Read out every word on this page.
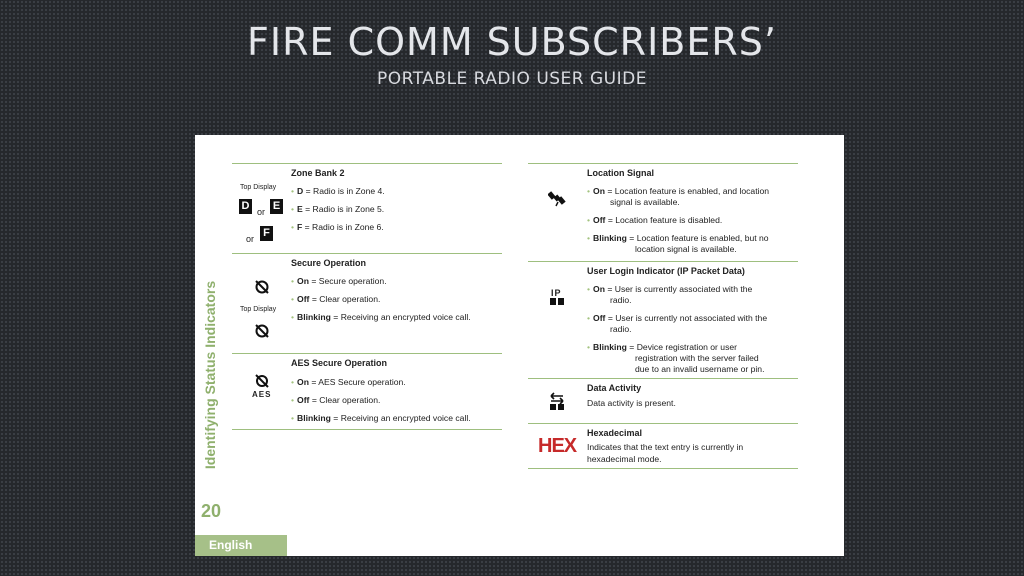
FIRE COMM SUBSCRIBERS’
PORTABLE RADIO USER GUIDE
Identifying Status Indicators
20
English
Zone Bank 2
Top Display
D or E
or F
• D = Radio is in Zone 4.
• E = Radio is in Zone 5.
• F = Radio is in Zone 6.
Secure Operation
Top Display
• On = Secure operation.
• Off = Clear operation.
• Blinking = Receiving an encrypted voice call.
AES Secure Operation
AES
• On = AES Secure operation.
• Off = Clear operation.
• Blinking = Receiving an encrypted voice call.
Location Signal
• On = Location feature is enabled, and location
signal is available.
• Off = Location feature is disabled.
• Blinking = Location feature is enabled, but no
location signal is available.
User Login Indicator (IP Packet Data)
IP	• On = User is currently associated with the
radio.
• Off = User is currently not associated with the
radio.
• Blinking = Device registration or user
registration with the server failed
due to an invalid username or pin.
Data Activity
Data activity is present.
Hexadecimal
HEX Indicates that the text entry is currently in
hexadecimal mode.
